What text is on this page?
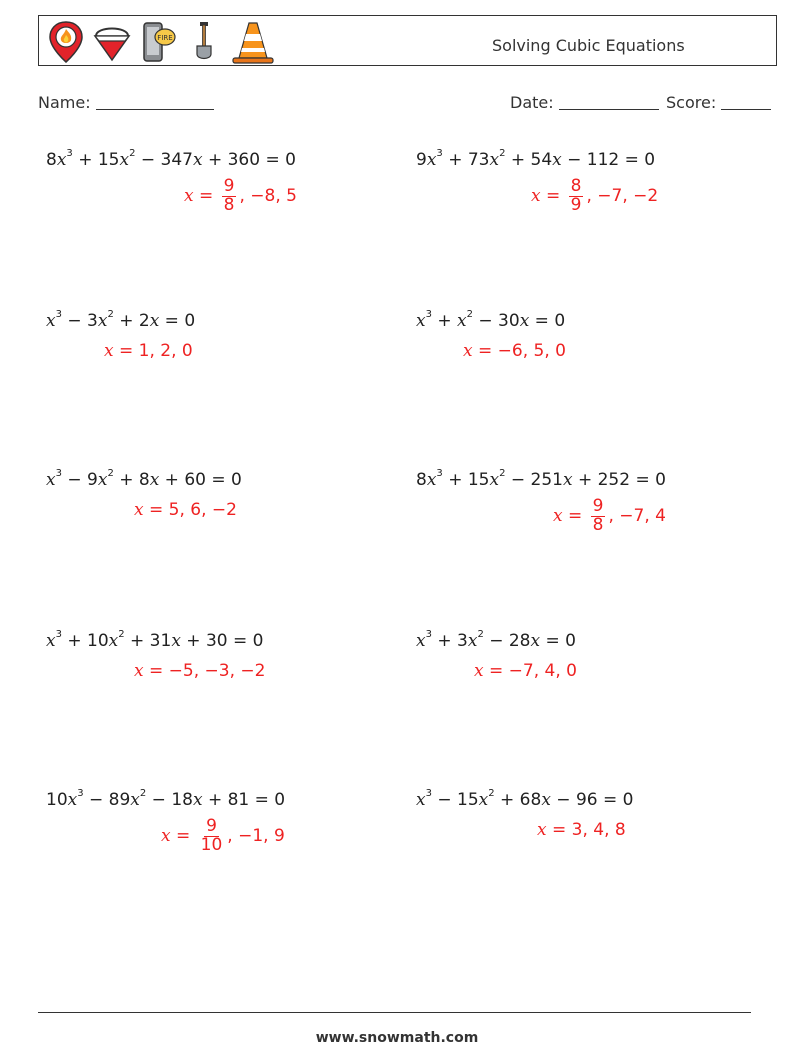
FIRE	Solving Cubic Equations
Name:	Date:	Score:
$8x^3 + 15x^2 - 347x + 360 = 0$
$x = \frac{9}{8}$ , −8, 5
$9x^3 + 73x^2 + 54x - 112 = 0$
$x = \frac{8}{9}$ , −7, −2
$x^3 - 3x^2 + 2x = 0$
x = 1, 2, 0
$x^3 + x^2 - 30x = 0$
x = −6, 5, 0
$x^3 - 9x^2 + 8x + 60 = 0$
x = 5, 6, −2
$8x^3 + 15x^2 - 251x + 252 = 0$
$x = \frac{9}{8}$ , −7, 4
$x^3 + 10x^2 + 31x + 30 = 0$
x = −5, −3, −2
$x^3 + 3x^2 - 28x = 0$
x = −7, 4, 0
$10x^3 - 89x^2 - 18x + 81 = 0$
$x = \frac{9}{10}$ , −1, 9
$x^3 - 15x^2 + 68x - 96 = 0$
x = 3, 4, 8
www.snowmath.com
